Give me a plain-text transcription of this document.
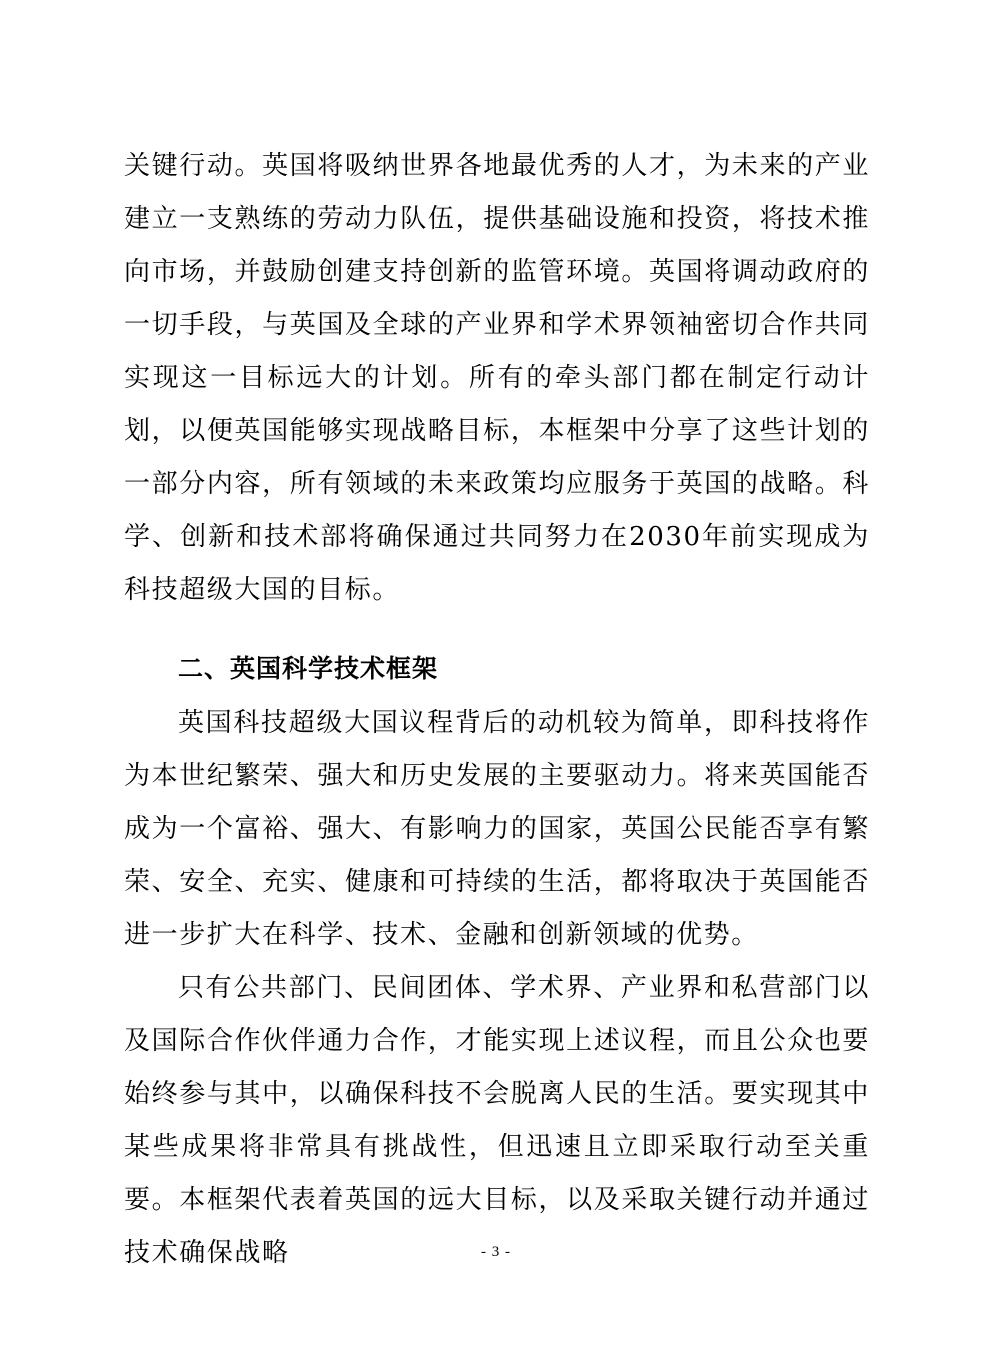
关键行动。英国将吸纳世界各地最优秀的人才，为未来的产业建立一支熟练的劳动力队伍，提供基础设施和投资，将技术推向市场，并鼓励创建支持创新的监管环境。英国将调动政府的一切手段，与英国及全球的产业界和学术界领袖密切合作共同实现这一目标远大的计划。所有的牵头部门都在制定行动计划，以便英国能够实现战略目标，本框架中分享了这些计划的一部分内容，所有领域的未来政策均应服务于英国的战略。科学、创新和技术部将确保通过共同努力在2030年前实现成为科技超级大国的目标。

二、英国科学技术框架

英国科技超级大国议程背后的动机较为简单，即科技将作为本世纪繁荣、强大和历史发展的主要驱动力。将来英国能否成为一个富裕、强大、有影响力的国家，英国公民能否享有繁荣、安全、充实、健康和可持续的生活，都将取决于英国能否进一步扩大在科学、技术、金融和创新领域的优势。

只有公共部门、民间团体、学术界、产业界和私营部门以及国际合作伙伴通力合作，才能实现上述议程，而且公众也要始终参与其中，以确保科技不会脱离人民的生活。要实现其中某些成果将非常具有挑战性，但迅速且立即采取行动至关重要。本框架代表着英国的远大目标，以及采取关键行动并通过技术确保战略	- 3 -
